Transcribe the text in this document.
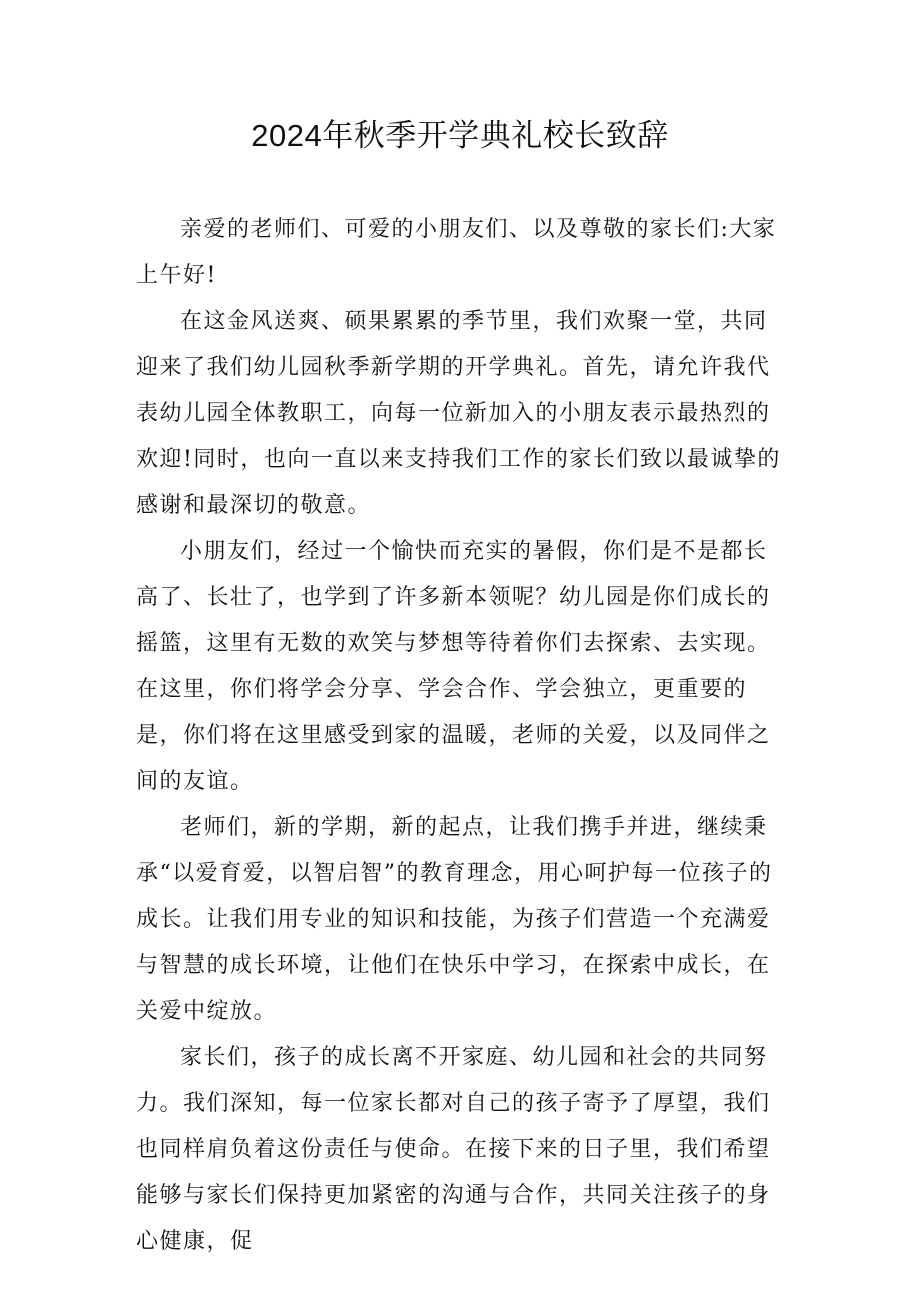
2024年秋季开学典礼校长致辞

亲爱的老师们、可爱的小朋友们、以及尊敬的家长们:大家上午好!

在这金风送爽、硕果累累的季节里，我们欢聚一堂，共同迎来了我们幼儿园秋季新学期的开学典礼。首先，请允许我代表幼儿园全体教职工，向每一位新加入的小朋友表示最热烈的欢迎!同时，也向一直以来支持我们工作的家长们致以最诚挚的感谢和最深切的敬意。

小朋友们，经过一个愉快而充实的暑假，你们是不是都长高了、长壮了，也学到了许多新本领呢？幼儿园是你们成长的摇篮，这里有无数的欢笑与梦想等待着你们去探索、去实现。在这里，你们将学会分享、学会合作、学会独立，更重要的是，你们将在这里感受到家的温暖，老师的关爱，以及同伴之间的友谊。

老师们，新的学期，新的起点，让我们携手并进，继续秉承“以爱育爱，以智启智”的教育理念，用心呵护每一位孩子的成长。让我们用专业的知识和技能，为孩子们营造一个充满爱与智慧的成长环境，让他们在快乐中学习，在探索中成长，在关爱中绽放。

家长们，孩子的成长离不开家庭、幼儿园和社会的共同努力。我们深知，每一位家长都对自己的孩子寄予了厚望，我们也同样肩负着这份责任与使命。在接下来的日子里，我们希望能够与家长们保持更加紧密的沟通与合作，共同关注孩子的身心健康，促
